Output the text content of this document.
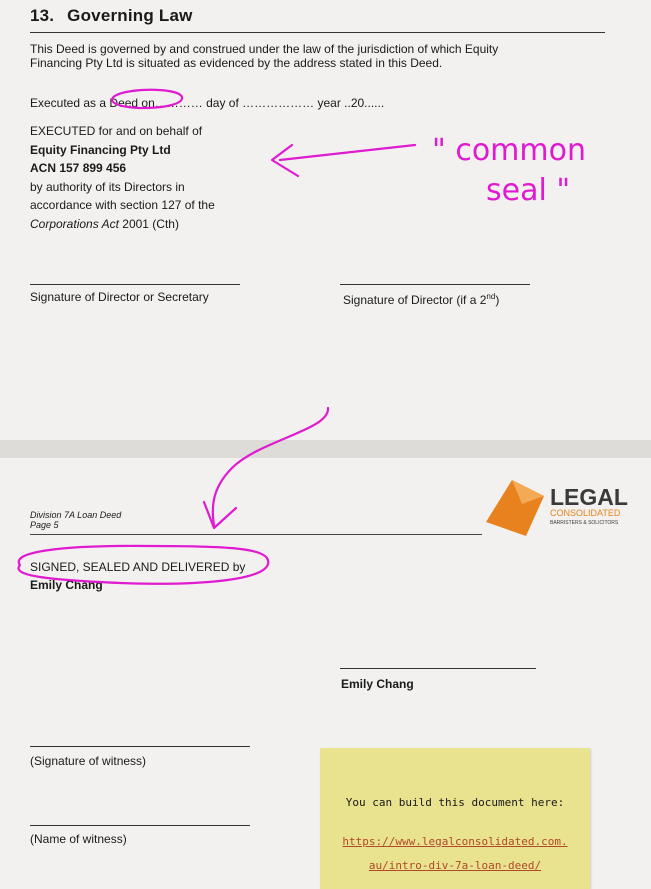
13. Governing Law
This Deed is governed by and construed under the law of the jurisdiction of which Equity
Financing Pty Ltd is situated as evidenced by the address stated in this Deed.
Executed as a Deed on………… day of ……………… year ..20......
EXECUTED for and on behalf of
Equity Financing Pty Ltd
ACN 157 899 456
by authority of its Directors in
accordance with section 127 of the
Corporations Act 2001 (Cth)
Signature of Director or Secretary	Signature of Director (if a 2nd)
Division 7A Loan Deed
Page 5
LEGAL
CONSOLIDATED
BARRISTERS & SOLICITORS
SIGNED, SEALED AND DELIVERED by
Emily Chang
Emily Chang
(Signature of witness)
(Name of witness)
You can build this document here:
https://www.legalconsolidated.com.
au/intro-div-7a-loan-deed/
" common seal "
